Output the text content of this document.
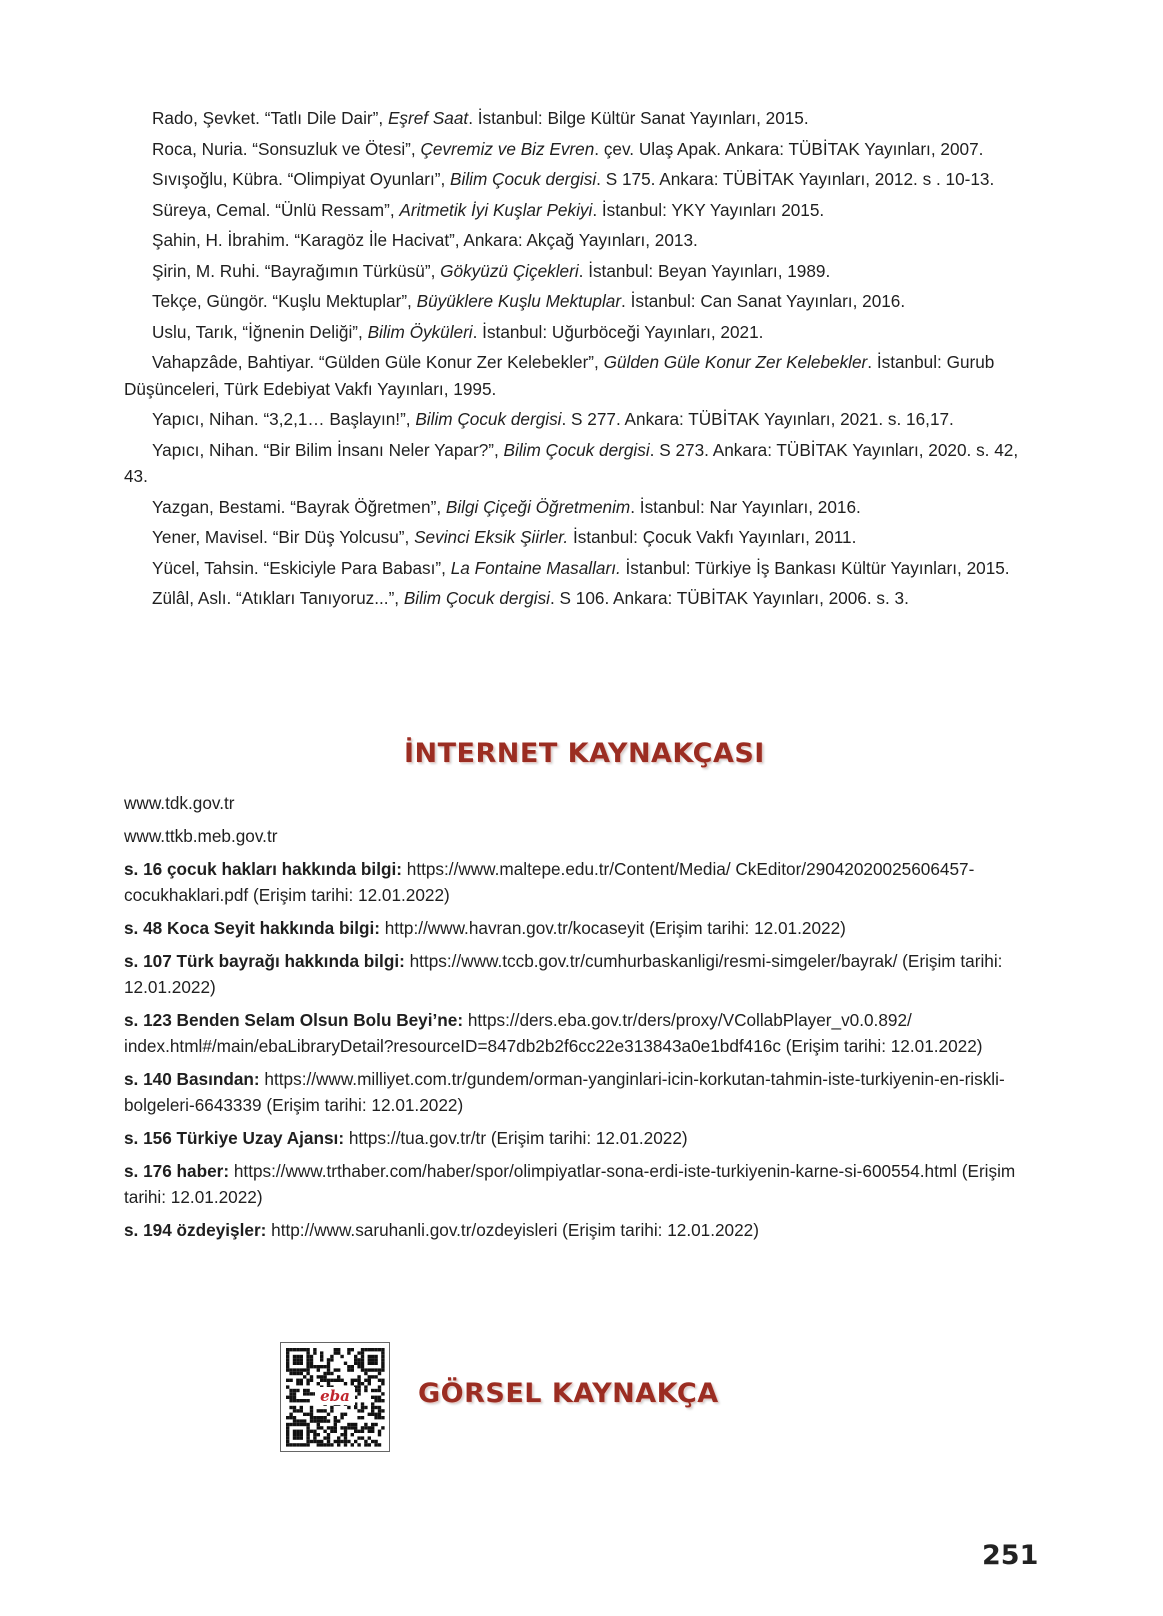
Rado, Şevket. “Tatlı Dile Dair”, Eşref Saat. İstanbul: Bilge Kültür Sanat Yayınları, 2015.

Roca, Nuria. “Sonsuzluk ve Ötesi”, Çevremiz ve Biz Evren. çev. Ulaş Apak. Ankara: TÜBİTAK Yayınları, 2007.

Sıvışoğlu, Kübra. “Olimpiyat Oyunları”, Bilim Çocuk dergisi. S 175. Ankara: TÜBİTAK Yayınları, 2012. s . 10-13.

Süreya, Cemal. “Ünlü Ressam”, Aritmetik İyi Kuşlar Pekiyi. İstanbul: YKY Yayınları 2015.

Şahin, H. İbrahim. “Karagöz İle Hacivat”, Ankara: Akçağ Yayınları, 2013.

Şirin, M. Ruhi. “Bayrağımın Türküsü”, Gökyüzü Çiçekleri. İstanbul: Beyan Yayınları, 1989.

Tekçe, Güngör. “Kuşlu Mektuplar”, Büyüklere Kuşlu Mektuplar. İstanbul: Can Sanat Yayınları, 2016.

Uslu, Tarık, “İğnenin Deliği”, Bilim Öyküleri. İstanbul: Uğurböceği Yayınları, 2021.

Vahapzâde, Bahtiyar. “Gülden Güle Konur Zer Kelebekler”, Gülden Güle Konur Zer Kelebekler. İstanbul: Gurub Düşünceleri, Türk Edebiyat Vakfı Yayınları, 1995.

Yapıcı, Nihan. “3,2,1… Başlayın!”, Bilim Çocuk dergisi. S 277. Ankara: TÜBİTAK Yayınları, 2021. s. 16,17.

Yapıcı, Nihan. “Bir Bilim İnsanı Neler Yapar?”, Bilim Çocuk dergisi. S 273. Ankara: TÜBİTAK Yayınları, 2020. s. 42, 43.

Yazgan, Bestami. “Bayrak Öğretmen”, Bilgi Çiçeği Öğretmenim. İstanbul: Nar Yayınları, 2016.

Yener, Mavisel. “Bir Düş Yolcusu”, Sevinci Eksik Şiirler. İstanbul: Çocuk Vakfı Yayınları, 2011.

Yücel, Tahsin. “Eskiciyle Para Babası”, La Fontaine Masalları. İstanbul: Türkiye İş Bankası Kültür Yayınları, 2015.

Zülâl, Aslı. “Atıkları Tanıyoruz...”, Bilim Çocuk dergisi. S 106. Ankara: TÜBİTAK Yayınları, 2006. s. 3.

İNTERNET KAYNAKÇASI

www.tdk.gov.tr

www.ttkb.meb.gov.tr

s. 16 çocuk hakları hakkında bilgi: https://www.maltepe.edu.tr/Content/Media/ CkEditor/29042020025606457-cocukhaklari.pdf (Erişim tarihi: 12.01.2022)

s. 48 Koca Seyit hakkında bilgi: http://www.havran.gov.tr/kocaseyit (Erişim tarihi: 12.01.2022)

s. 107 Türk bayrağı hakkında bilgi: https://www.tccb.gov.tr/cumhurbaskanligi/resmi-simgeler/bayrak/ (Erişim tarihi: 12.01.2022)

s. 123 Benden Selam Olsun Bolu Beyi’ne: https://ders.eba.gov.tr/ders/proxy/VCollabPlayer_v0.0.892/ index.html#/main/ebaLibraryDetail?resourceID=847db2b2f6cc22e313843a0e1bdf416c (Erişim tarihi: 12.01.2022)

s. 140 Basından: https://www.milliyet.com.tr/gundem/orman-yanginlari-icin-korkutan-tahmin-iste-turkiyenin-en-riskli-bolgeleri-6643339 (Erişim tarihi: 12.01.2022)

s. 156 Türkiye Uzay Ajansı: https://tua.gov.tr/tr (Erişim tarihi: 12.01.2022)

s. 176 haber: https://www.trthaber.com/haber/spor/olimpiyatlar-sona-erdi-iste-turkiyenin-karne-si-600554.html (Erişim tarihi: 12.01.2022)

s. 194 özdeyişler: http://www.saruhanli.gov.tr/ozdeyisleri (Erişim tarihi: 12.01.2022)

eba	GÖRSEL KAYNAKÇA
251
